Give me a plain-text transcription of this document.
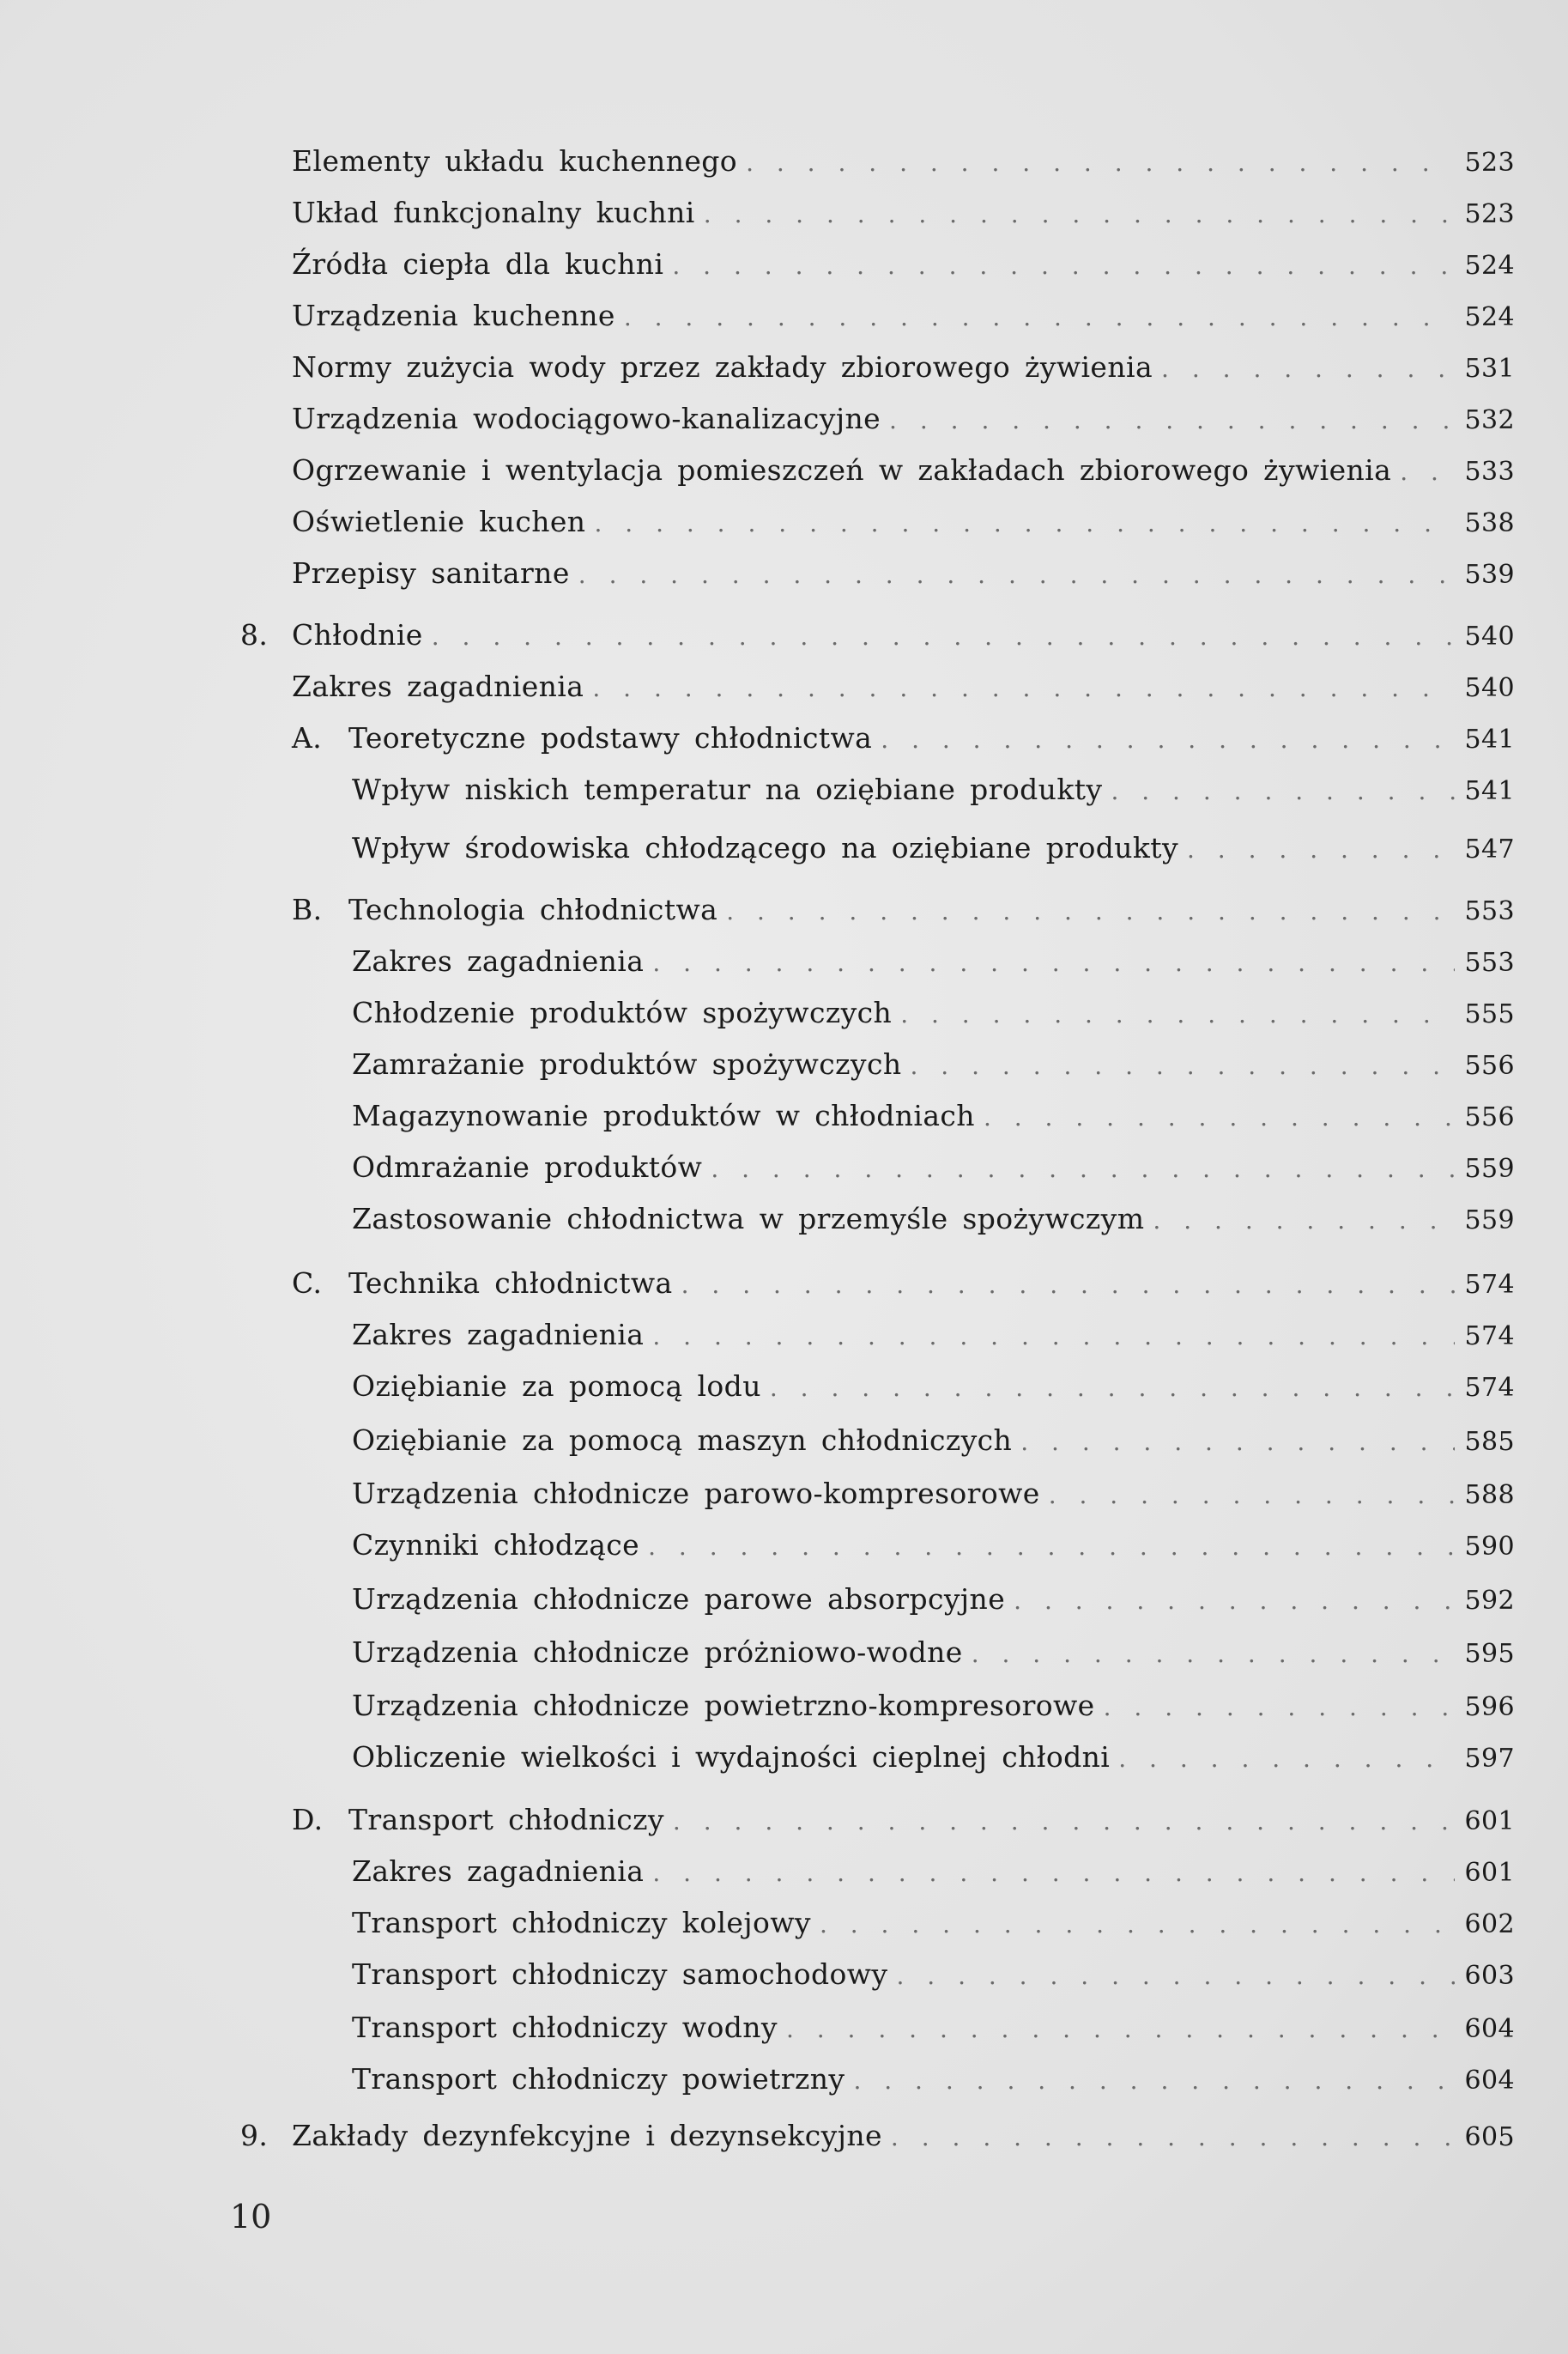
Elementy układu kuchennego . . .	523
Układ funkcjonalny kuchni . . .	523
Źródła ciepła dla kuchni . . .	524
Urządzenia kuchenne . . .	524
Normy zużycia wody przez zakłady zbiorowego żywienia . . .	531
Urządzenia wodociągowo-kanalizacyjne . . .	532
Ogrzewanie i wentylacja pomieszczeń w zakładach zbiorowego żywienia . . .	533
Oświetlenie kuchen . . .	538
Przepisy sanitarne . . .	539
8. Chłodnie . . .	540
Zakres zagadnienia . . .	540
A. Teoretyczne podstawy chłodnictwa . . .	541
Wpływ niskich temperatur na oziębiane produkty . . .	541
Wpływ środowiska chłodzącego na oziębiane produkty . . .	547
B. Technologia chłodnictwa . . .	553
Zakres zagadnienia . . .	553
Chłodzenie produktów spożywczych . . .	555
Zamrażanie produktów spożywczych . . .	556
Magazynowanie produktów w chłodniach . . .	556
Odmrażanie produktów . . .	559
Zastosowanie chłodnictwa w przemyśle spożywczym . . .	559
C. Technika chłodnictwa . . .	574
Zakres zagadnienia . . .	574
Oziębianie za pomocą lodu . . .	574
Oziębianie za pomocą maszyn chłodniczych . . .	585
Urządzenia chłodnicze parowo-kompresorowe . . .	588
Czynniki chłodzące . . .	590
Urządzenia chłodnicze parowe absorpcyjne . . .	592
Urządzenia chłodnicze próżniowo-wodne . . .	595
Urządzenia chłodnicze powietrzno-kompresorowe . . .	596
Obliczenie wielkości i wydajności cieplnej chłodni . . .	597
D. Transport chłodniczy . . .	601
Zakres zagadnienia . . .	601
Transport chłodniczy kolejowy . . .	602
Transport chłodniczy samochodowy . . .	603
Transport chłodniczy wodny . . .	604
Transport chłodniczy powietrzny . . .	604
9. Zakłady dezynfekcyjne i dezynsekcyjne . . .	605
10
